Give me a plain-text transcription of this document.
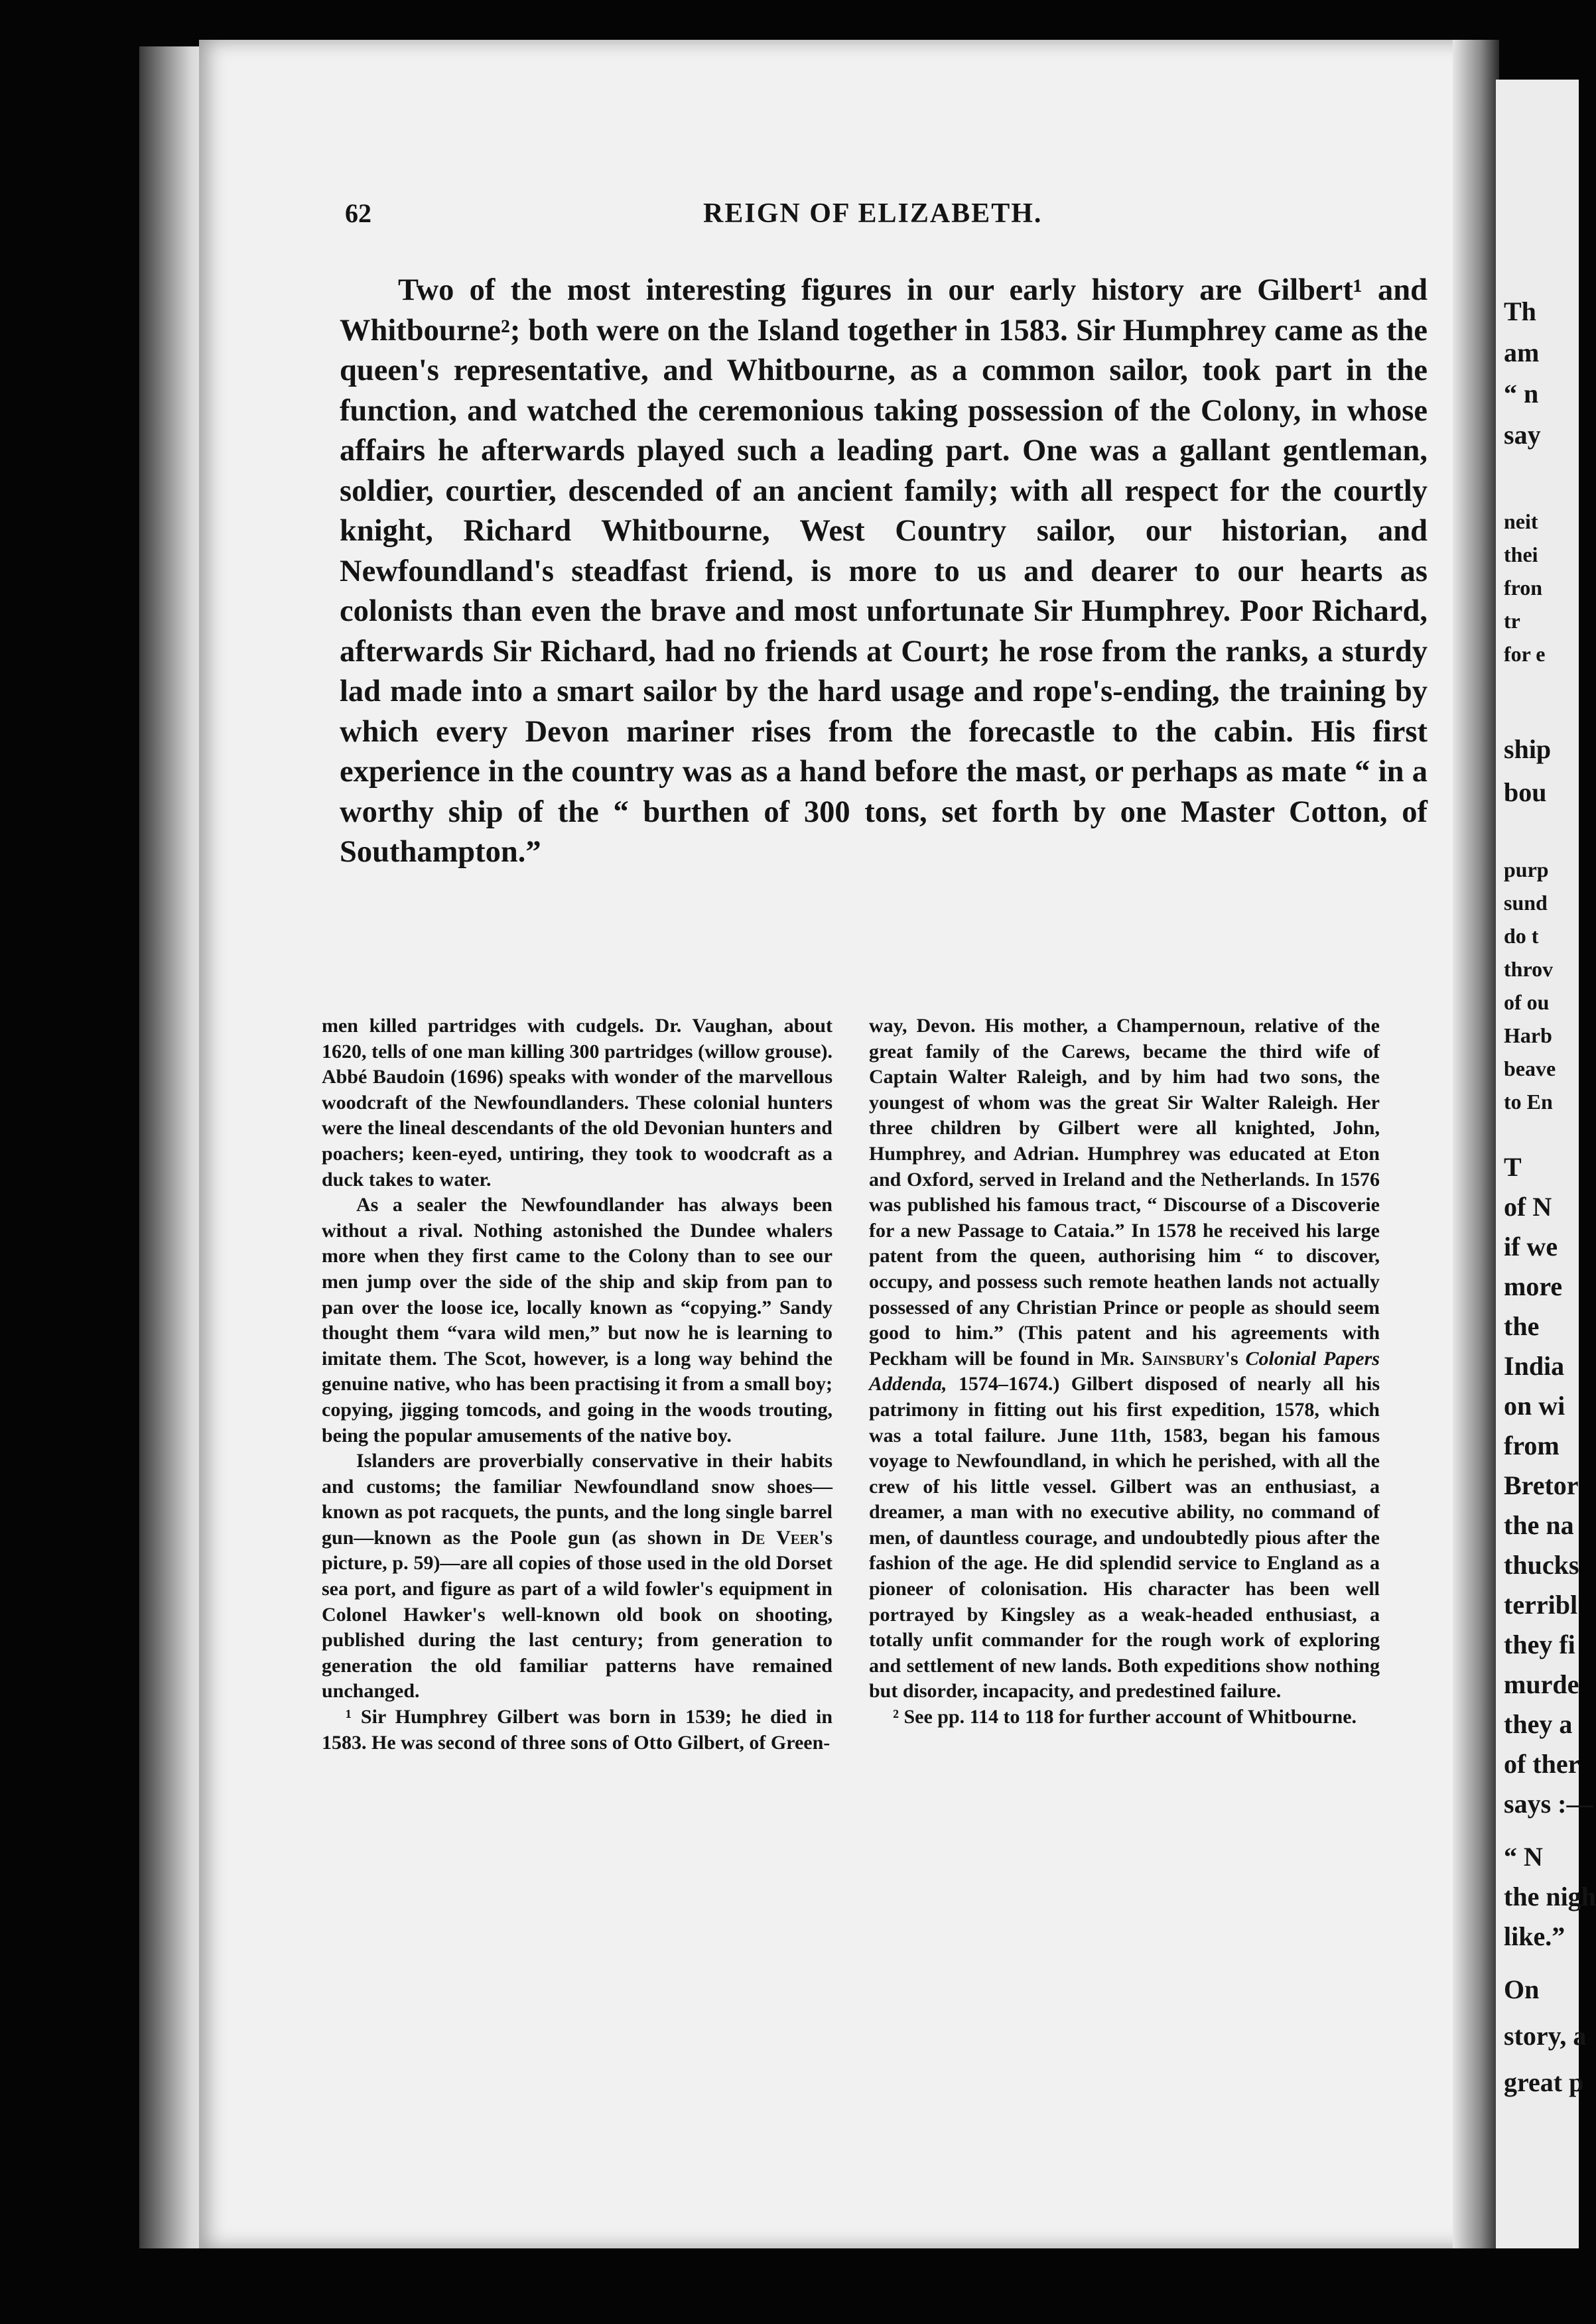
62	REIGN OF ELIZABETH.

Two of the most interesting figures in our early history are Gilbert¹ and Whitbourne²; both were on the Island together in 1583. Sir Humphrey came as the queen's representative, and Whitbourne, as a common sailor, took part in the function, and watched the ceremonious taking possession of the Colony, in whose affairs he afterwards played such a leading part. One was a gallant gentleman, soldier, courtier, descended of an ancient family; with all respect for the courtly knight, Richard Whitbourne, West Country sailor, our historian, and Newfoundland's steadfast friend, is more to us and dearer to our hearts as colonists than even the brave and most unfortunate Sir Humphrey. Poor Richard, afterwards Sir Richard, had no friends at Court; he rose from the ranks, a sturdy lad made into a smart sailor by the hard usage and rope's-ending, the training by which every Devon mariner rises from the forecastle to the cabin. His first experience in the country was as a hand before the mast, or perhaps as mate “ in a worthy ship of the “ burthen of 300 tons, set forth by one Master Cotton, of Southampton.”

men killed partridges with cudgels. Dr. Vaughan, about 1620, tells of one man killing 300 partridges (willow grouse). Abbé Baudoin (1696) speaks with wonder of the marvellous woodcraft of the Newfoundlanders. These colonial hunters were the lineal descendants of the old Devonian hunters and poachers; keen-eyed, untiring, they took to woodcraft as a duck takes to water.

As a sealer the Newfoundlander has always been without a rival. Nothing astonished the Dundee whalers more when they first came to the Colony than to see our men jump over the side of the ship and skip from pan to pan over the loose ice, locally known as “copying.” Sandy thought them “vara wild men,” but now he is learning to imitate them. The Scot, however, is a long way behind the genuine native, who has been practising it from a small boy; copying, jigging tomcods, and going in the woods trouting, being the popular amusements of the native boy.

Islanders are proverbially conservative in their habits and customs; the familiar Newfoundland snow shoes—known as pot racquets, the punts, and the long single barrel gun—known as the Poole gun (as shown in De Veer's picture, p. 59)—are all copies of those used in the old Dorset sea port, and figure as part of a wild fowler's equipment in Colonel Hawker's well-known old book on shooting, published during the last century; from generation to generation the old familiar patterns have remained unchanged.

¹ Sir Humphrey Gilbert was born in 1539; he died in 1583. He was second of three sons of Otto Gilbert, of Green-

way, Devon. His mother, a Champernoun, relative of the great family of the Carews, became the third wife of Captain Walter Raleigh, and by him had two sons, the youngest of whom was the great Sir Walter Raleigh. Her three children by Gilbert were all knighted, John, Humphrey, and Adrian. Humphrey was educated at Eton and Oxford, served in Ireland and the Netherlands. In 1576 was published his famous tract, “ Discourse of a Discoverie for a new Passage to Cataia.” In 1578 he received his large patent from the queen, authorising him “ to discover, occupy, and possess such remote heathen lands not actually possessed of any Christian Prince or people as should seem good to him.” (This patent and his agreements with Peckham will be found in Mr. Sainsbury's Colonial Papers Addenda, 1574–1674.) Gilbert disposed of nearly all his patrimony in fitting out his first expedition, 1578, which was a total failure. June 11th, 1583, began his famous voyage to Newfoundland, in which he perished, with all the crew of his little vessel. Gilbert was an enthusiast, a dreamer, a man with no executive ability, no command of men, of dauntless courage, and undoubtedly pious after the fashion of the age. He did splendid service to England as a pioneer of colonisation. His character has been well portrayed by Kingsley as a weak-headed enthusiast, a totally unfit commander for the rough work of exploring and settlement of new lands. Both expeditions show nothing but disorder, incapacity, and predestined failure.

² See pp. 114 to 118 for further account of Whitbourne.

Th
am
“ n
say
neit
thei
fron
tr
for e
ship
bou
purp
sund
do t
throv
of ou
Harb
beave
to En
T
of N
if we
more
the
India
on wi
from
Bretor
the na
thucks
terribl
they fi
murde
they a
of ther
says :—
“ N
the nigh
like.”
On
story, a
great p
